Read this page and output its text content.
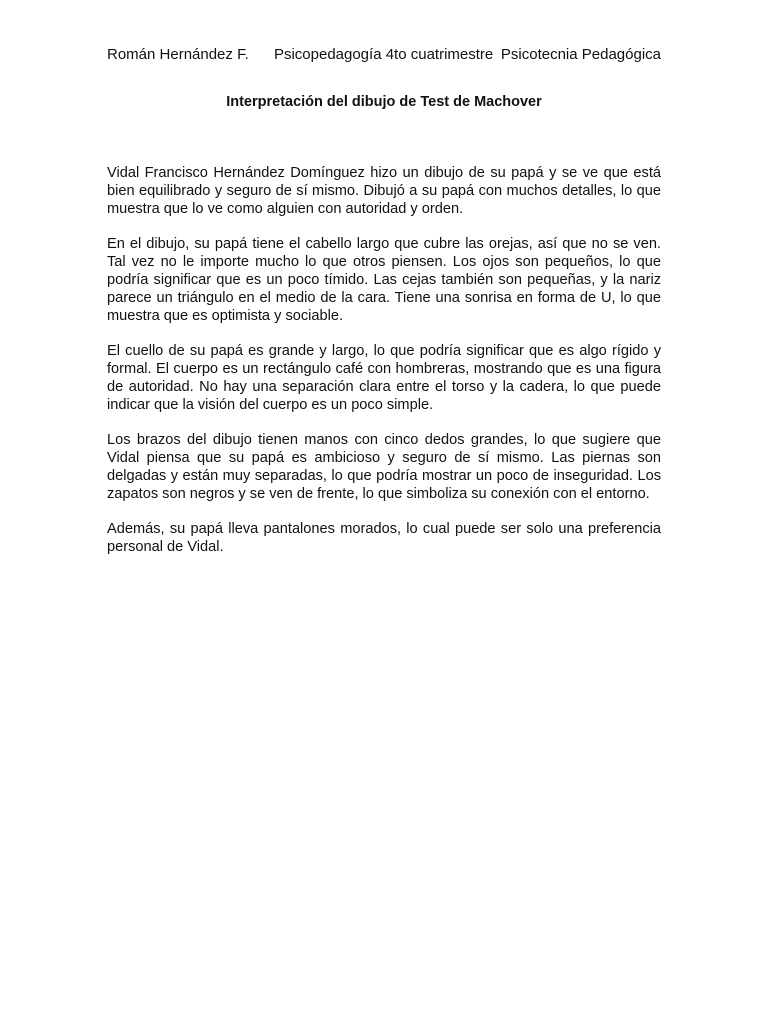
Román Hernández F.	Psicopedagogía 4to cuatrimestre Psicotecnia Pedagógica
Interpretación del dibujo de Test de Machover

Vidal Francisco Hernández Domínguez hizo un dibujo de su papá y se ve que está bien equilibrado y seguro de sí mismo. Dibujó a su papá con muchos detalles, lo que muestra que lo ve como alguien con autoridad y orden.

En el dibujo, su papá tiene el cabello largo que cubre las orejas, así que no se ven. Tal vez no le importe mucho lo que otros piensen. Los ojos son pequeños, lo que podría significar que es un poco tímido. Las cejas también son pequeñas, y la nariz parece un triángulo en el medio de la cara. Tiene una sonrisa en forma de U, lo que muestra que es optimista y sociable.

El cuello de su papá es grande y largo, lo que podría significar que es algo rígido y formal. El cuerpo es un rectángulo café con hombreras, mostrando que es una figura de autoridad. No hay una separación clara entre el torso y la cadera, lo que puede indicar que la visión del cuerpo es un poco simple.

Los brazos del dibujo tienen manos con cinco dedos grandes, lo que sugiere que Vidal piensa que su papá es ambicioso y seguro de sí mismo. Las piernas son delgadas y están muy separadas, lo que podría mostrar un poco de inseguridad. Los zapatos son negros y se ven de frente, lo que simboliza su conexión con el entorno.

Además, su papá lleva pantalones morados, lo cual puede ser solo una preferencia personal de Vidal.
